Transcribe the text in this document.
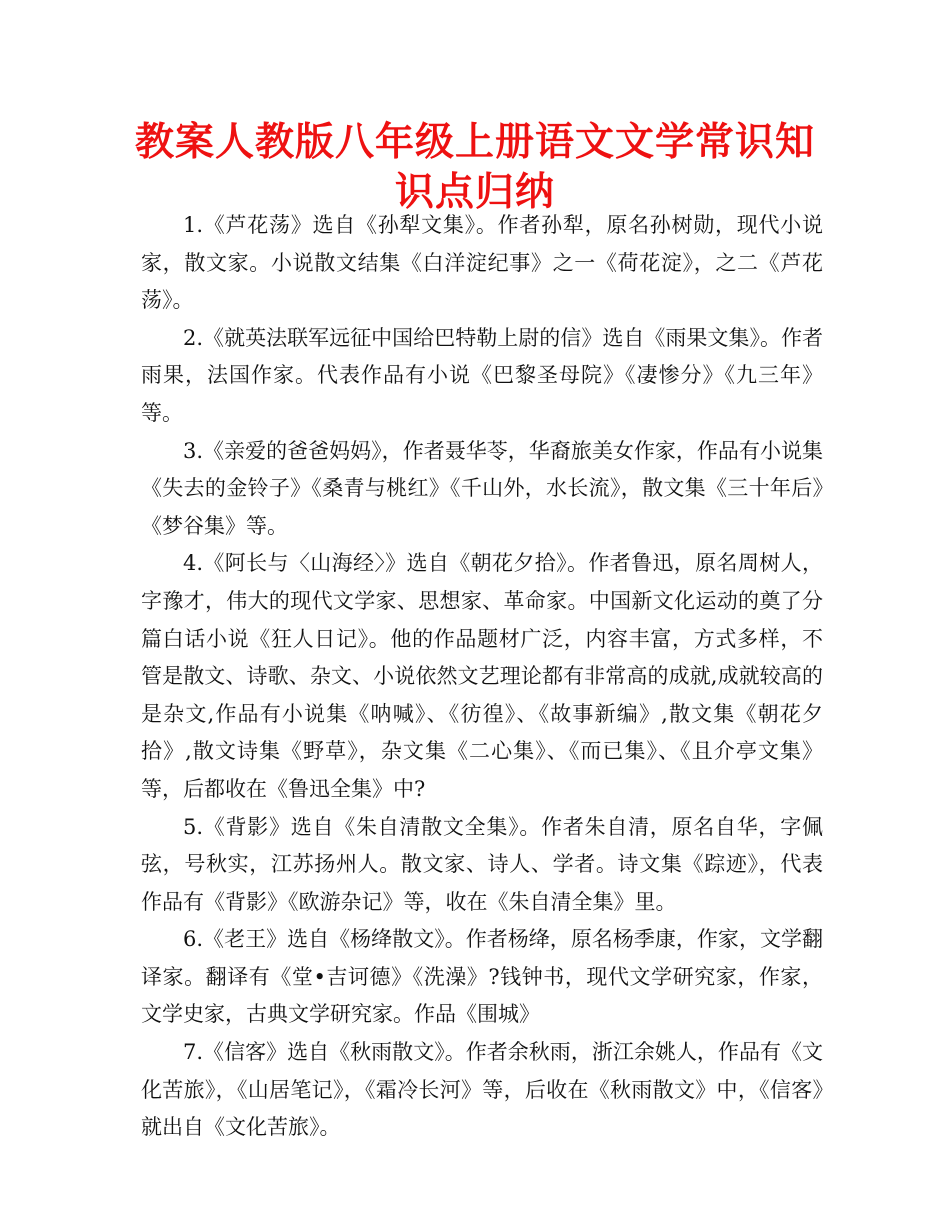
教案人教版八年级上册语文文学常识知识点归纳

1.《芦花荡》选自《孙犁文集》。作者孙犁，原名孙树勋，现代小说家，散文家。小说散文结集《白洋淀纪事》之一《荷花淀》，之二《芦花荡》。

2.《就英法联军远征中国给巴特勒上尉的信》选自《雨果文集》。作者雨果，法国作家。代表作品有小说《巴黎圣母院》《凄惨分》《九三年》等。

3.《亲爱的爸爸妈妈》，作者聂华苓，华裔旅美女作家，作品有小说集《失去的金铃子》《桑青与桃红》《千山外，水长流》，散文集《三十年后》《梦谷集》等。

4.《阿长与〈山海经〉》选自《朝花夕拾》。作者鲁迅，原名周树人，字豫才，伟大的现代文学家、思想家、革命家。中国新文化运动的奠了分篇白话小说《狂人日记》。他的作品题材广泛，内容丰富，方式多样，不管是散文、诗歌、杂文、小说依然文艺理论都有非常高的成就,成就较高的是杂文,作品有小说集《呐喊》、《彷徨》、《故事新编》,散文集《朝花夕拾》,散文诗集《野草》，杂文集《二心集》、《而已集》、《且介亭文集》等，后都收在《鲁迅全集》中?

5.《背影》选自《朱自清散文全集》。作者朱自清，原名自华，字佩弦，号秋实，江苏扬州人。散文家、诗人、学者。诗文集《踪迹》，代表作品有《背影》《欧游杂记》等，收在《朱自清全集》里。

6.《老王》选自《杨绛散文》。作者杨绛，原名杨季康，作家，文学翻译家。翻译有《堂•吉诃德》《洗澡》?钱钟书，现代文学研究家，作家，文学史家，古典文学研究家。作品《围城》

7.《信客》选自《秋雨散文》。作者余秋雨，浙江余姚人，作品有《文化苦旅》，《山居笔记》，《霜冷长河》等，后收在《秋雨散文》中，《信客》就出自《文化苦旅》。
